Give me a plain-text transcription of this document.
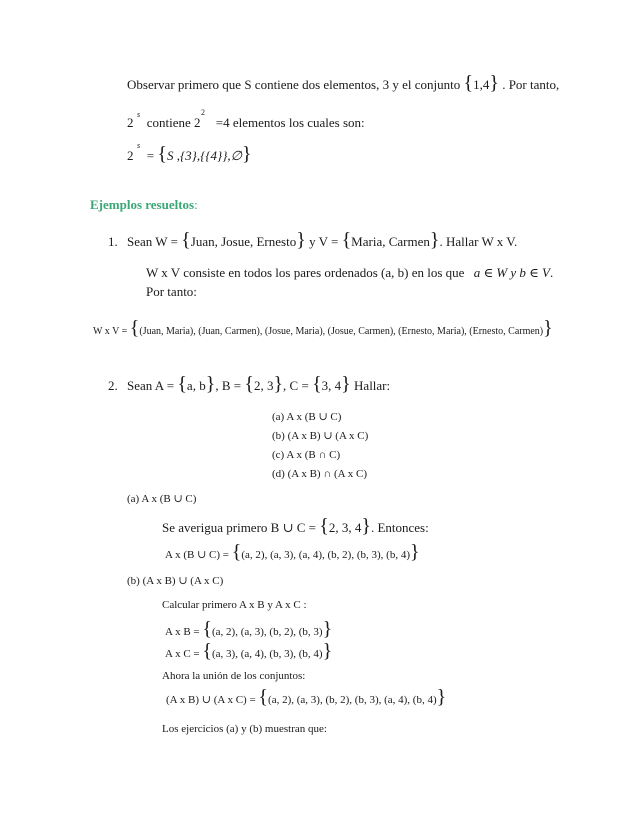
Observar primero que S contiene dos elementos, 3 y el conjunto {1,4} . Por tanto,
2
s
contiene 2
2
=4 elementos los cuales son:
2
s
= {S ,{3},{{4}},∅}
Ejemplos resueltos:
1. Sean W = {Juan, Josue, Ernesto} y V = {Maria, Carmen}. Hallar W x V.
W x V consiste en todos los pares ordenados (a, b) en los que a ∈ W y b ∈ V.
Por tanto:
W x V = {(Juan, Maria), (Juan, Carmen), (Josue, Maria), (Josue, Carmen), (Ernesto, Maria), (Ernesto, Carmen)}
2. Sean A = {a, b}, B = {2, 3}, C = {3, 4} Hallar:
(a) A x (B ∪ C)
(b) (A x B) ∪ (A x C)
(c) A x (B ∩ C)
(d) (A x B) ∩ (A x C)
(a) A x (B ∪ C)
Se averigua primero B ∪ C = {2, 3, 4}. Entonces:
A x (B ∪ C) = {(a, 2), (a, 3), (a, 4), (b, 2), (b, 3), (b, 4)}
(b) (A x B) ∪ (A x C)
Calcular primero A x B y A x C :
A x B = {(a, 2), (a, 3), (b, 2), (b, 3)}
A x C = {(a, 3), (a, 4), (b, 3), (b, 4)}
Ahora la unión de los conjuntos:
(A x B) ∪ (A x C) = {(a, 2), (a, 3), (b, 2), (b, 3), (a, 4), (b, 4)}
Los ejercicios (a) y (b) muestran que:
